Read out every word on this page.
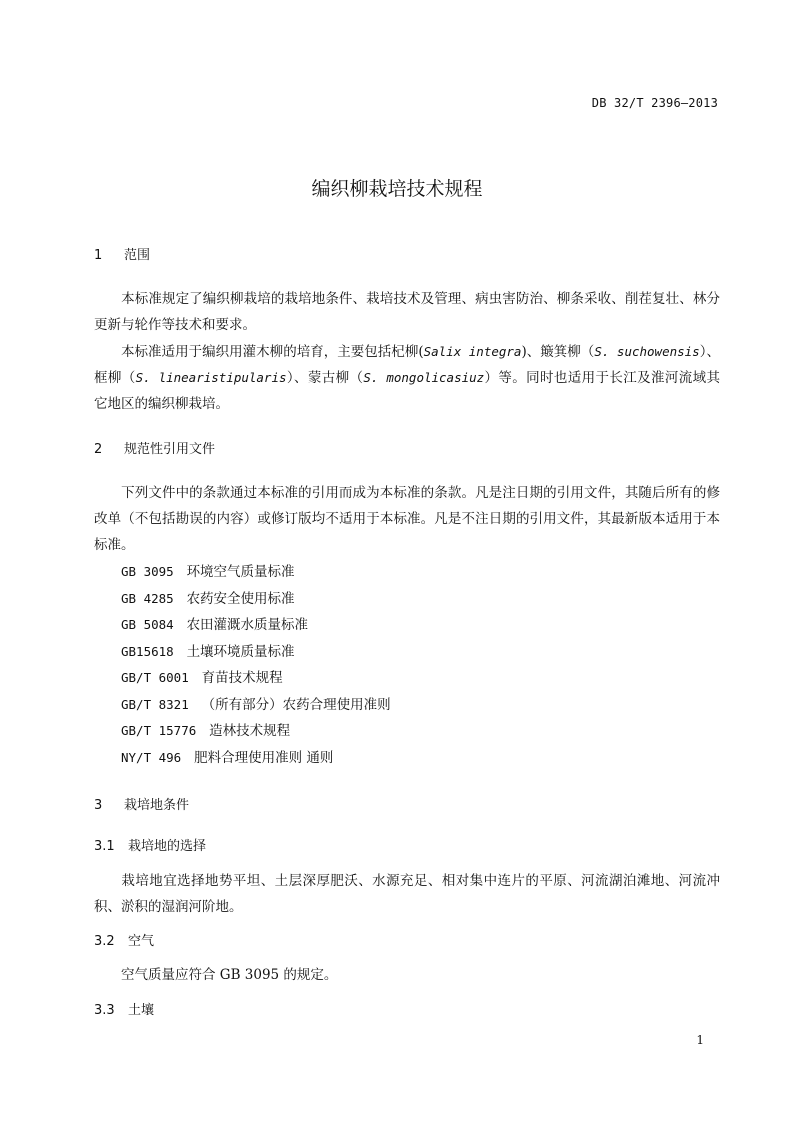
DB 32/T 2396—2013
编织柳栽培技术规程
1 范围
本标准规定了编织柳栽培的栽培地条件、栽培技术及管理、病虫害防治、柳条采收、削茬复壮、林分更新与轮作等技术和要求。
本标准适用于编织用灌木柳的培育，主要包括杞柳(Salix integra)、簸箕柳（S. suchowensis）、框柳（S. linearistipularis）、蒙古柳（S. mongolicasiuz）等。同时也适用于长江及淮河流域其它地区的编织柳栽培。
2 规范性引用文件
下列文件中的条款通过本标准的引用而成为本标准的条款。凡是注日期的引用文件，其随后所有的修改单（不包括勘误的内容）或修订版均不适用于本标准。凡是不注日期的引用文件，其最新版本适用于本标准。
GB 3095 环境空气质量标准
GB 4285 农药安全使用标准
GB 5084 农田灌溉水质量标准
GB15618 土壤环境质量标准
GB/T 6001 育苗技术规程
GB/T 8321 （所有部分）农药合理使用准则
GB/T 15776 造林技术规程
NY/T 496 肥料合理使用准则 通则
3 栽培地条件
3.1 栽培地的选择
栽培地宜选择地势平坦、土层深厚肥沃、水源充足、相对集中连片的平原、河流湖泊滩地、河流冲积、淤积的湿润河阶地。
3.2 空气
空气质量应符合 GB 3095 的规定。
3.3 土壤
1
